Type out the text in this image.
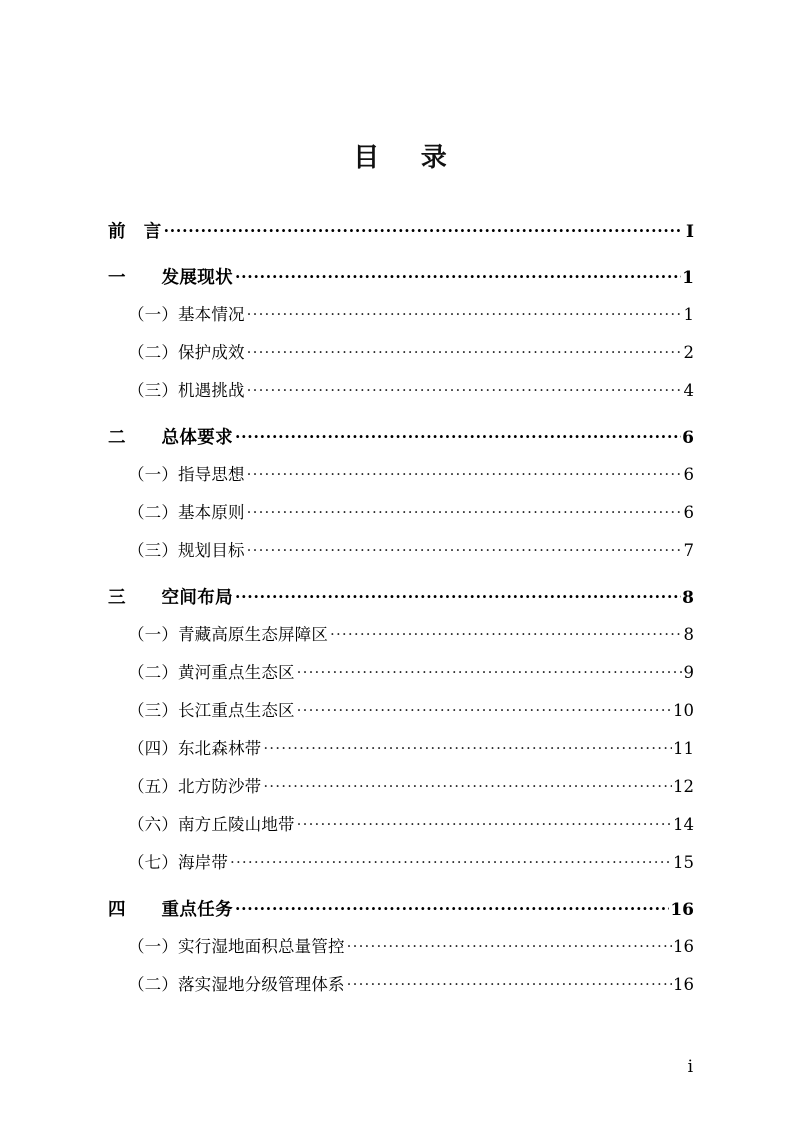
目　录
前　言 .....	I
一　　发展现状 .....	1
（一）基本情况 .....	1
（二）保护成效 .....	2
（三）机遇挑战 .....	4
二　　总体要求 .....	6
（一）指导思想 .....	6
（二）基本原则 .....	6
（三）规划目标 .....	7
三　　空间布局 .....	8
（一）青藏高原生态屏障区 .....	8
（二）黄河重点生态区 .....	9
（三）长江重点生态区 .....	10
（四）东北森林带 .....	11
（五）北方防沙带 .....	12
（六）南方丘陵山地带 .....	14
（七）海岸带 .....	15
四　　重点任务 .....	16
（一）实行湿地面积总量管控 .....	16
（二）落实湿地分级管理体系 .....	16
i
